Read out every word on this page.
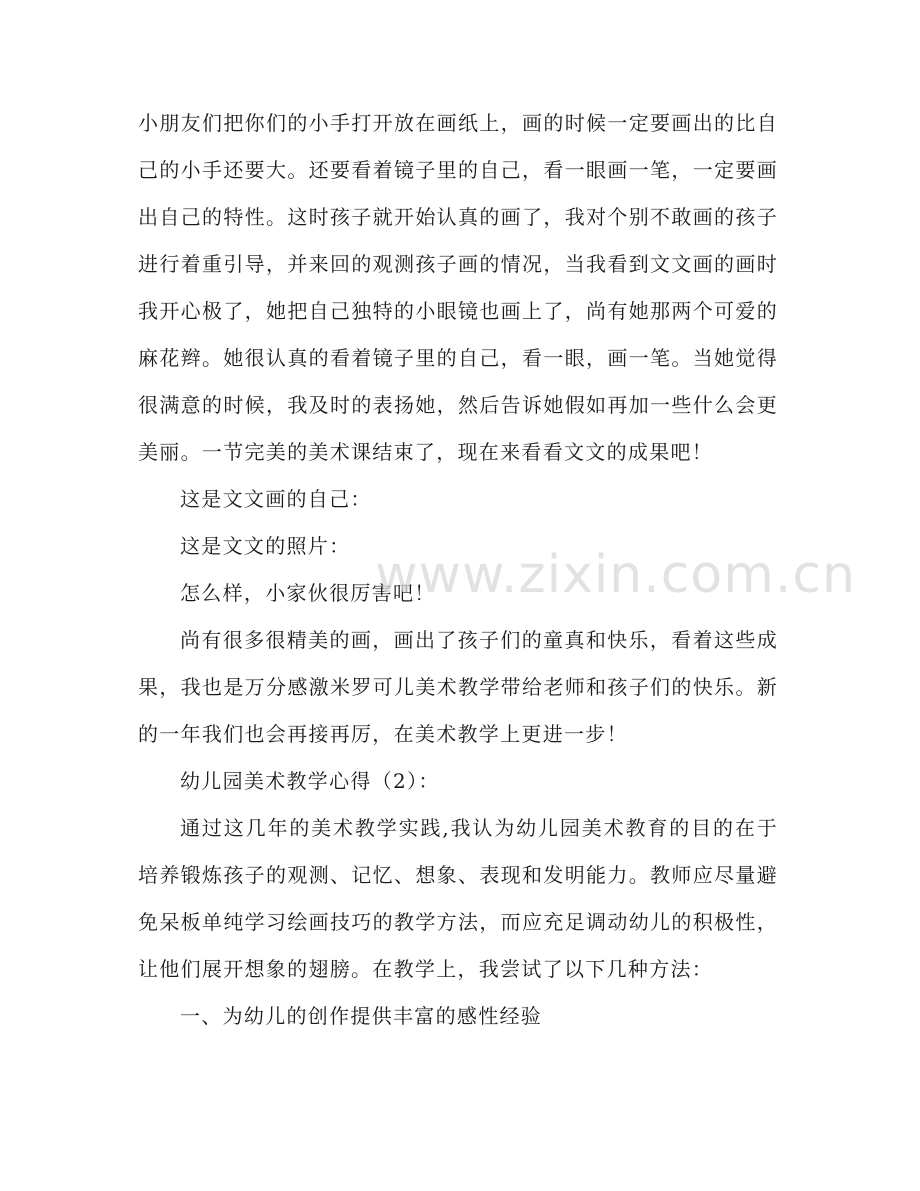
小朋友们把你们的小手打开放在画纸上，画的时候一定要画出的比自己的小手还要大。还要看着镜子里的自己，看一眼画一笔，一定要画出自己的特性。这时孩子就开始认真的画了，我对个别不敢画的孩子进行着重引导，并来回的观测孩子画的情况，当我看到文文画的画时我开心极了，她把自己独特的小眼镜也画上了，尚有她那两个可爱的麻花辫。她很认真的看着镜子里的自己，看一眼，画一笔。当她觉得很满意的时候，我及时的表扬她，然后告诉她假如再加一些什么会更美丽。一节完美的美术课结束了，现在来看看文文的成果吧！

这是文文画的自己：

这是文文的照片：

怎么样，小家伙很厉害吧！

尚有很多很精美的画，画出了孩子们的童真和快乐，看着这些成果，我也是万分感激米罗可儿美术教学带给老师和孩子们的快乐。新的一年我们也会再接再厉，在美术教学上更进一步！

幼儿园美术教学心得（2）：

通过这几年的美术教学实践,我认为幼儿园美术教育的目的在于培养锻炼孩子的观测、记忆、想象、表现和发明能力。教师应尽量避免呆板单纯学习绘画技巧的教学方法，而应充足调动幼儿的积极性，让他们展开想象的翅膀。在教学上，我尝试了以下几种方法：

一、为幼儿的创作提供丰富的感性经验

www.zixin.com.cn
